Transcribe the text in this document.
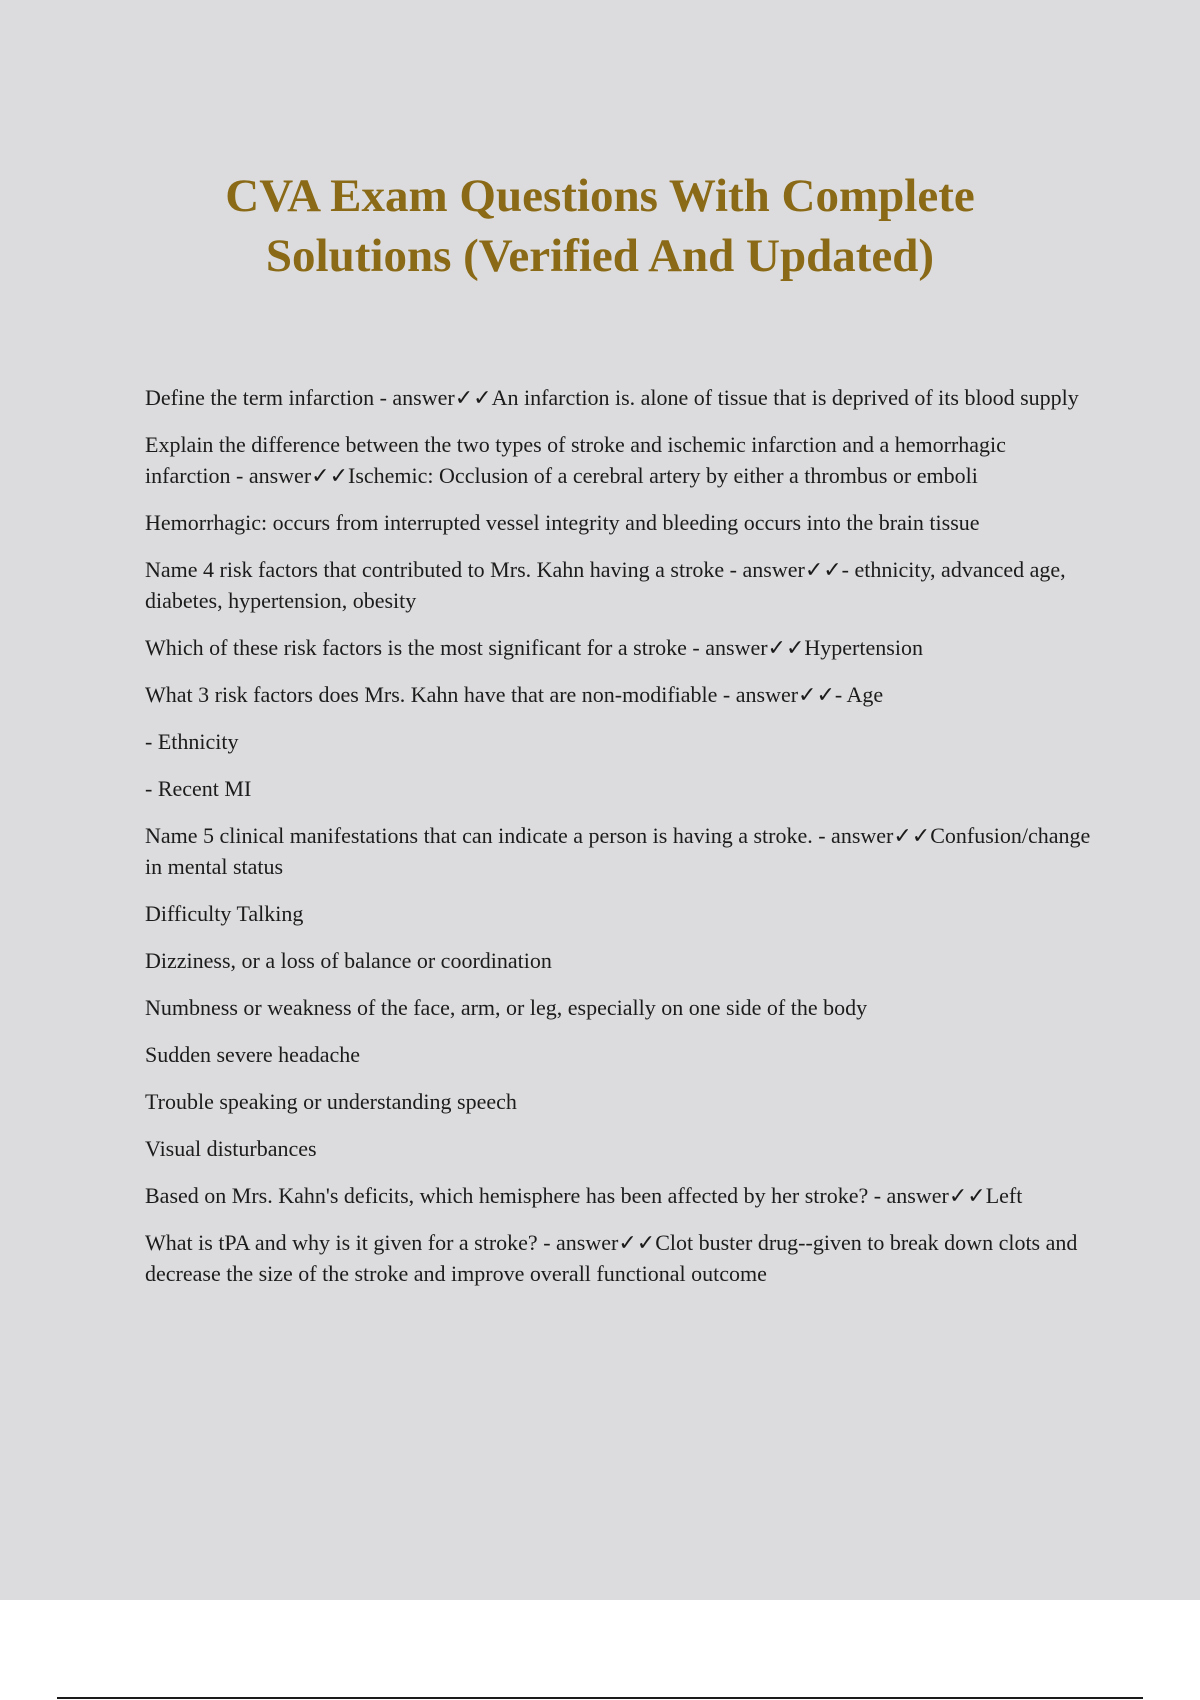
CVA Exam Questions With Complete
Solutions (Verified And Updated)

Define the term infarction - answer✓✓An infarction is. alone of tissue that is deprived of its blood supply

Explain the difference between the two types of stroke and ischemic infarction and a hemorrhagic infarction - answer✓✓Ischemic: Occlusion of a cerebral artery by either a thrombus or emboli

Hemorrhagic: occurs from interrupted vessel integrity and bleeding occurs into the brain tissue

Name 4 risk factors that contributed to Mrs. Kahn having a stroke - answer✓✓- ethnicity, advanced age, diabetes, hypertension, obesity

Which of these risk factors is the most significant for a stroke - answer✓✓Hypertension

What 3 risk factors does Mrs. Kahn have that are non-modifiable - answer✓✓- Age

- Ethnicity

- Recent MI

Name 5 clinical manifestations that can indicate a person is having a stroke. - answer✓✓Confusion/change in mental status

Difficulty Talking

Dizziness, or a loss of balance or coordination

Numbness or weakness of the face, arm, or leg, especially on one side of the body

Sudden severe headache

Trouble speaking or understanding speech

Visual disturbances

Based on Mrs. Kahn's deficits, which hemisphere has been affected by her stroke? - answer✓✓Left

What is tPA and why is it given for a stroke? - answer✓✓Clot buster drug--given to break down clots and decrease the size of the stroke and improve overall functional outcome
